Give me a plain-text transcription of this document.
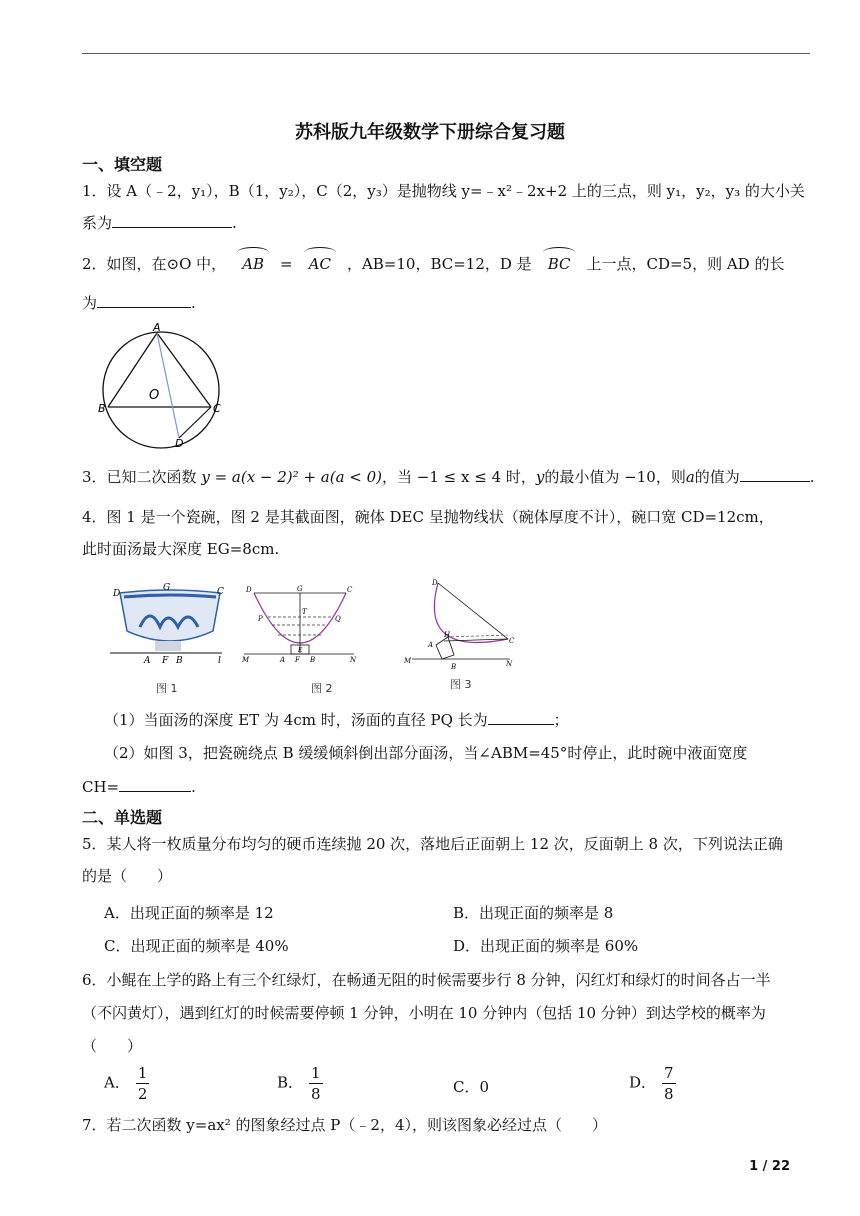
苏科版九年级数学下册综合复习题
一、填空题
1．设 A（﹣2，y₁），B（1，y₂），C（2，y₃）是抛物线 y=﹣x²﹣2x+2 上的三点，则 y₁，y₂，y₃ 的大小关
系为	.
2．如图，在⊙O 中， AB = AC ，AB=10，BC=12，D 是 BC 上一点，CD=5，则 AD 的长
为	.
A
B	C
D
O
3．已知二次函数 y = a(x − 2)² + a(a < 0)，当 −1 ≤ x ≤ 4 时，y的最小值为 −10，则a的值为	.
4．图 1 是一个瓷碗，图 2 是其截面图，碗体 DEC 呈抛物线状（碗体厚度不计），碗口宽 CD=12cm，
此时面汤最大深度 EG=8cm.
G
D	C
A F B	l
图 1
D	G	C
T
P	Q
M	A F
E
B	N
图 2
D
H
A	C
M
B	N
图 3
（1）当面汤的深度 ET 为 4cm 时，汤面的直径 PQ 长为	；
（2）如图 3，把瓷碗绕点 B 缓缓倾斜倒出部分面汤，当∠ABM=45°时停止，此时碗中液面宽度
CH=	.
二、单选题
5．某人将一枚质量分布均匀的硬币连续抛 20 次，落地后正面朝上 12 次，反面朝上 8 次，下列说法正确
的是（　　）
A．出现正面的频率是 12	B．出现正面的频率是 8
C．出现正面的频率是 40%	D．出现正面的频率是 60%
6．小鲲在上学的路上有三个红绿灯，在畅通无阻的时候需要步行 8 分钟，闪红灯和绿灯的时间各占一半
（不闪黄灯），遇到红灯的时候需要停顿 1 分钟，小明在 10 分钟内（包括 10 分钟）到达学校的概率为
（　　）
A． $\frac{1}{2}$	B． $\frac{1}{8}$	C．0	D． $\frac{7}{8}$
7．若二次函数 y=ax² 的图象经过点 P（﹣2，4），则该图象必经过点（　　）
1 / 22
